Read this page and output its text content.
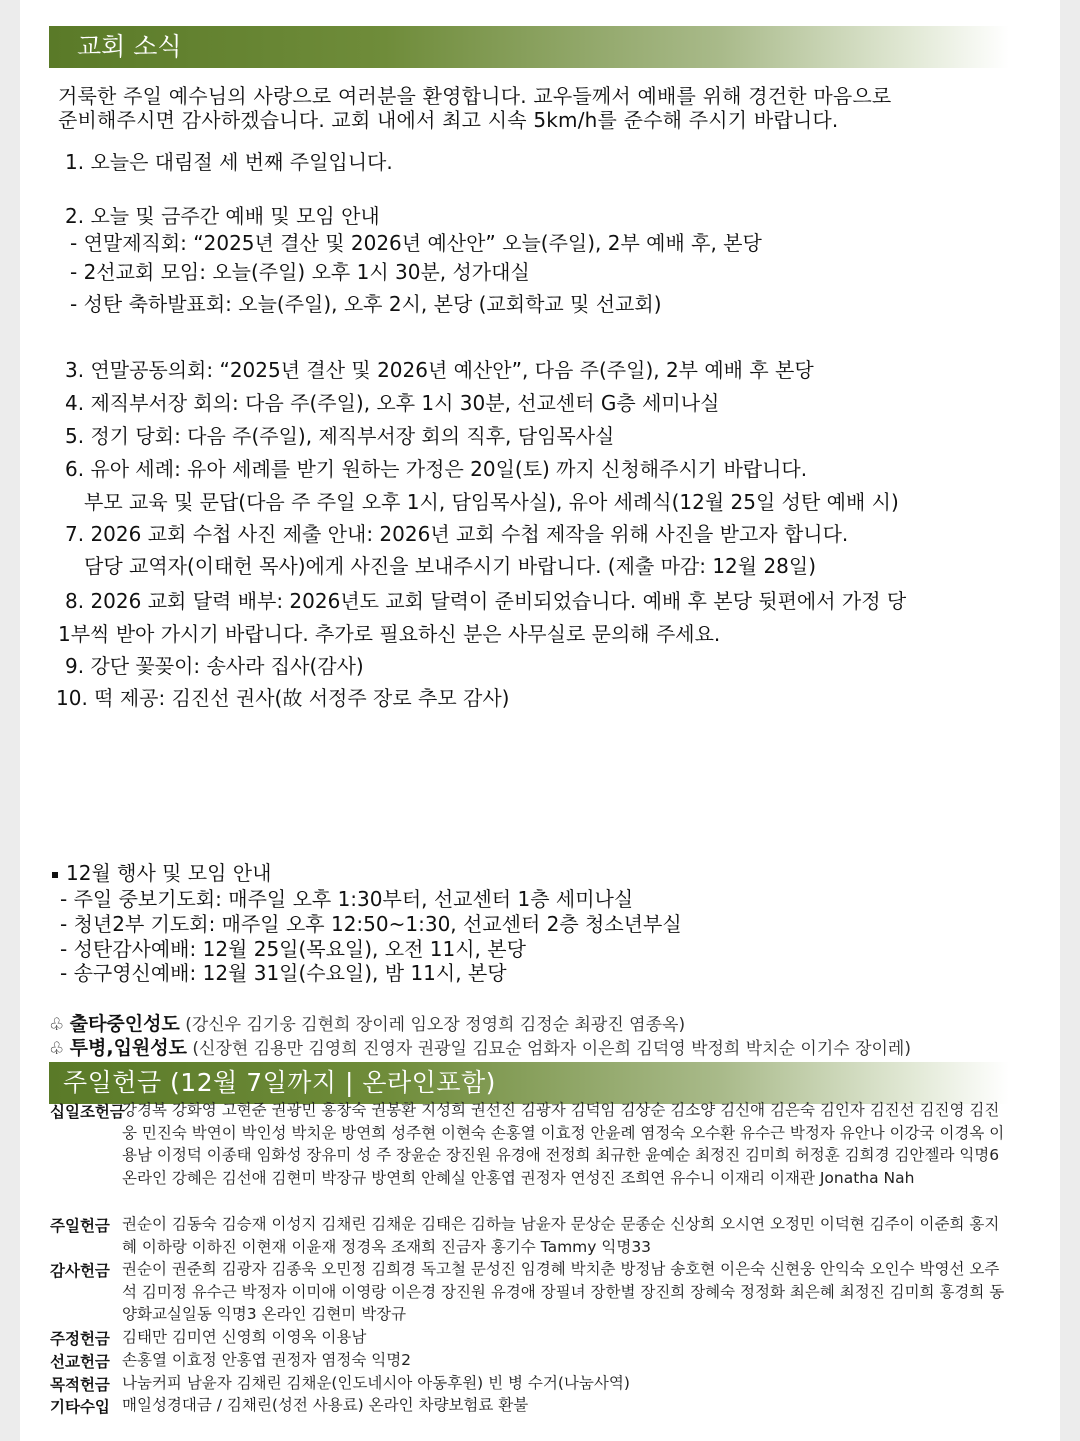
교회 소식
거룩한 주일 예수님의 사랑으로 여러분을 환영합니다. 교우들께서 예배를 위해 경건한 마음으로
준비해주시면 감사하겠습니다. 교회 내에서 최고 시속 5km/h를 준수해 주시기 바랍니다.
1. 오늘은 대림절 세 번째 주일입니다.
2. 오늘 및 금주간 예배 및 모임 안내
- 연말제직회: “2025년 결산 및 2026년 예산안” 오늘(주일), 2부 예배 후, 본당
- 2선교회 모임: 오늘(주일) 오후 1시 30분, 성가대실
- 성탄 축하발표회: 오늘(주일), 오후 2시, 본당 (교회학교 및 선교회)
3. 연말공동의회: “2025년 결산 및 2026년 예산안”, 다음 주(주일), 2부 예배 후 본당
4. 제직부서장 회의: 다음 주(주일), 오후 1시 30분, 선교센터 G층 세미나실
5. 정기 당회: 다음 주(주일), 제직부서장 회의 직후, 담임목사실
6. 유아 세례: 유아 세례를 받기 원하는 가정은 20일(토) 까지 신청해주시기 바랍니다.
부모 교육 및 문답(다음 주 주일 오후 1시, 담임목사실), 유아 세례식(12월 25일 성탄 예배 시)
7. 2026 교회 수첩 사진 제출 안내: 2026년 교회 수첩 제작을 위해 사진을 받고자 합니다.
담당 교역자(이태헌 목사)에게 사진을 보내주시기 바랍니다. (제출 마감: 12월 28일)
8. 2026 교회 달력 배부: 2026년도 교회 달력이 준비되었습니다. 예배 후 본당 뒷편에서 가정 당
1부씩 받아 가시기 바랍니다. 추가로 필요하신 분은 사무실로 문의해 주세요.
9. 강단 꽃꽂이: 송사라 집사(감사)
10. 떡 제공: 김진선 권사(故 서정주 장로 추모 감사)
12월 행사 및 모임 안내
- 주일 중보기도회: 매주일 오후 1:30부터, 선교센터 1층 세미나실
- 청년2부 기도회: 매주일 오후 12:50~1:30, 선교센터 2층 청소년부실
- 성탄감사예배: 12월 25일(목요일), 오전 11시, 본당
- 송구영신예배: 12월 31일(수요일), 밤 11시, 본당
♧ 출타중인성도 (강신우 김기웅 김현희 장이레 임오장 정영희 김정순 최광진 염종옥)
♧ 투병,입원성도 (신장현 김용만 김영희 진영자 권광일 김묘순 엄화자 이은희 김덕영 박정희 박치순 이기수 장이레)
주일헌금 (12월 7일까지 | 온라인포함)
십일조헌금
강경복 강화영 고현준 권광민 홍창숙 권봉환 지성희 권선진 김광자 김덕임 김상순 김소양 김신애 김은숙 김인자 김진선 김진영 김진웅 민진숙 박연이 박인성 박치운 방연희 성주현 이현숙 손홍열 이효정 안윤례 염정숙 오수환 유수근 박정자 유안나 이강국 이경옥 이용남 이정덕 이종태 임화성 장유미 성 주 장윤순 장진원 유경애 전정희 최규한 윤예순 최정진 김미희 허정훈 김희경 김안젤라 익명6 온라인 강혜은 김선애 김현미 박장규 방연희 안혜실 안홍엽 권정자 연성진 조희연 유수니 이재리 이재관 Jonatha Nah
주일헌금 권순이 김동숙 김승재 이성지 김채린 김채운 김태은 김하늘 남윤자 문상순 문종순 신상희 오시연 오정민 이덕현 김주이 이준희 홍지혜 이하랑 이하진 이현재 이윤재 정경옥 조재희 진금자 홍기수 Tammy 익명33
감사헌금 권순이 권준희 김광자 김종욱 오민정 김희경 독고철 문성진 임경혜 박치춘 방정남 송호현 이은숙 신현웅 안익숙 오인수 박영선 오주석 김미정 유수근 박정자 이미애 이영랑 이은경 장진원 유경애 장필녀 장한별 장진희 장혜숙 정정화 최은혜 최정진 김미희 홍경희 동양화교실일동 익명3 온라인 김현미 박장규
주정헌금 김태만 김미연 신영희 이영옥 이용남
선교헌금 손홍열 이효정 안홍엽 권정자 염정숙 익명2
목적헌금 나눔커피 남윤자 김채린 김채운(인도네시아 아동후원) 빈 병 수거(나눔사역)
기타수입 매일성경대금 / 김채린(성전 사용료) 온라인 차량보험료 환불
